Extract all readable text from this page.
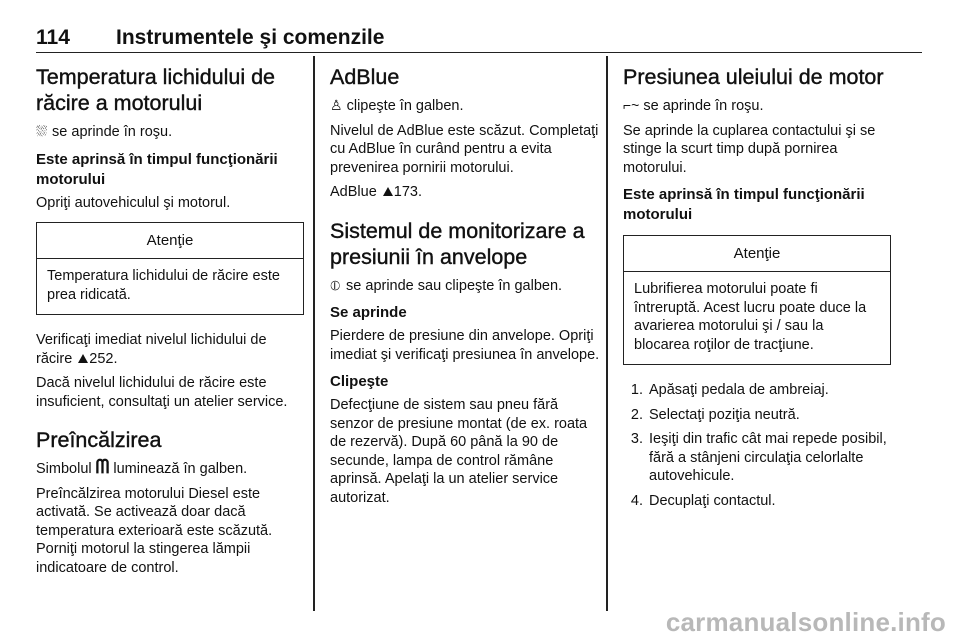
114 Instrumentele şi comenzile
Temperatura lichidului de răcire a motorului

⛆ se aprinde în roşu.

Este aprinsă în timpul funcţionării motorului

Opriţi autovehiculul şi motorul.

Atenţie
Temperatura lichidului de răcire este prea ridicată.

Verificaţi imediat nivelul lichidului de răcire 252.

Dacă nivelul lichidului de răcire este insuficient, consultaţi un atelier service.

Preîncălzirea

Simbolul ᗰ luminează în galben.

Preîncălzirea motorului Diesel este activată. Se activează doar dacă temperatura exterioară este scăzută. Porniţi motorul la stingerea lămpii indicatoare de control.

AdBlue

♙ clipeşte în galben.

Nivelul de AdBlue este scăzut. Completaţi cu AdBlue în curând pentru a evita prevenirea pornirii motorului.

AdBlue 173.

Sistemul de monitorizare a presiunii în anvelope

⦶ se aprinde sau clipeşte în galben.

Se aprinde

Pierdere de presiune din anvelope. Opriţi imediat şi verificaţi presiunea în anvelope.

Clipeşte

Defecţiune de sistem sau pneu fără senzor de presiune montat (de ex. roata de rezervă). După 60 până la 90 de secunde, lampa de control rămâne aprinsă. Apelaţi la un atelier service autorizat.

Presiunea uleiului de motor

⌐~ se aprinde în roşu.

Se aprinde la cuplarea contactului şi se stinge la scurt timp după pornirea motorului.

Este aprinsă în timpul funcţionării motorului
Atenţie
Lubrifierea motorului poate fi întreruptă. Acest lucru poate duce la avarierea motorului şi / sau la blocarea roţilor de tracţiune.
1. Apăsaţi pedala de ambreiaj.
2. Selectaţi poziţia neutră.
3. Ieşiţi din trafic cât mai repede posibil, fără a stânjeni circulaţia celorlalte autovehicule.
4. Decuplaţi contactul.
carmanualsonline.info
